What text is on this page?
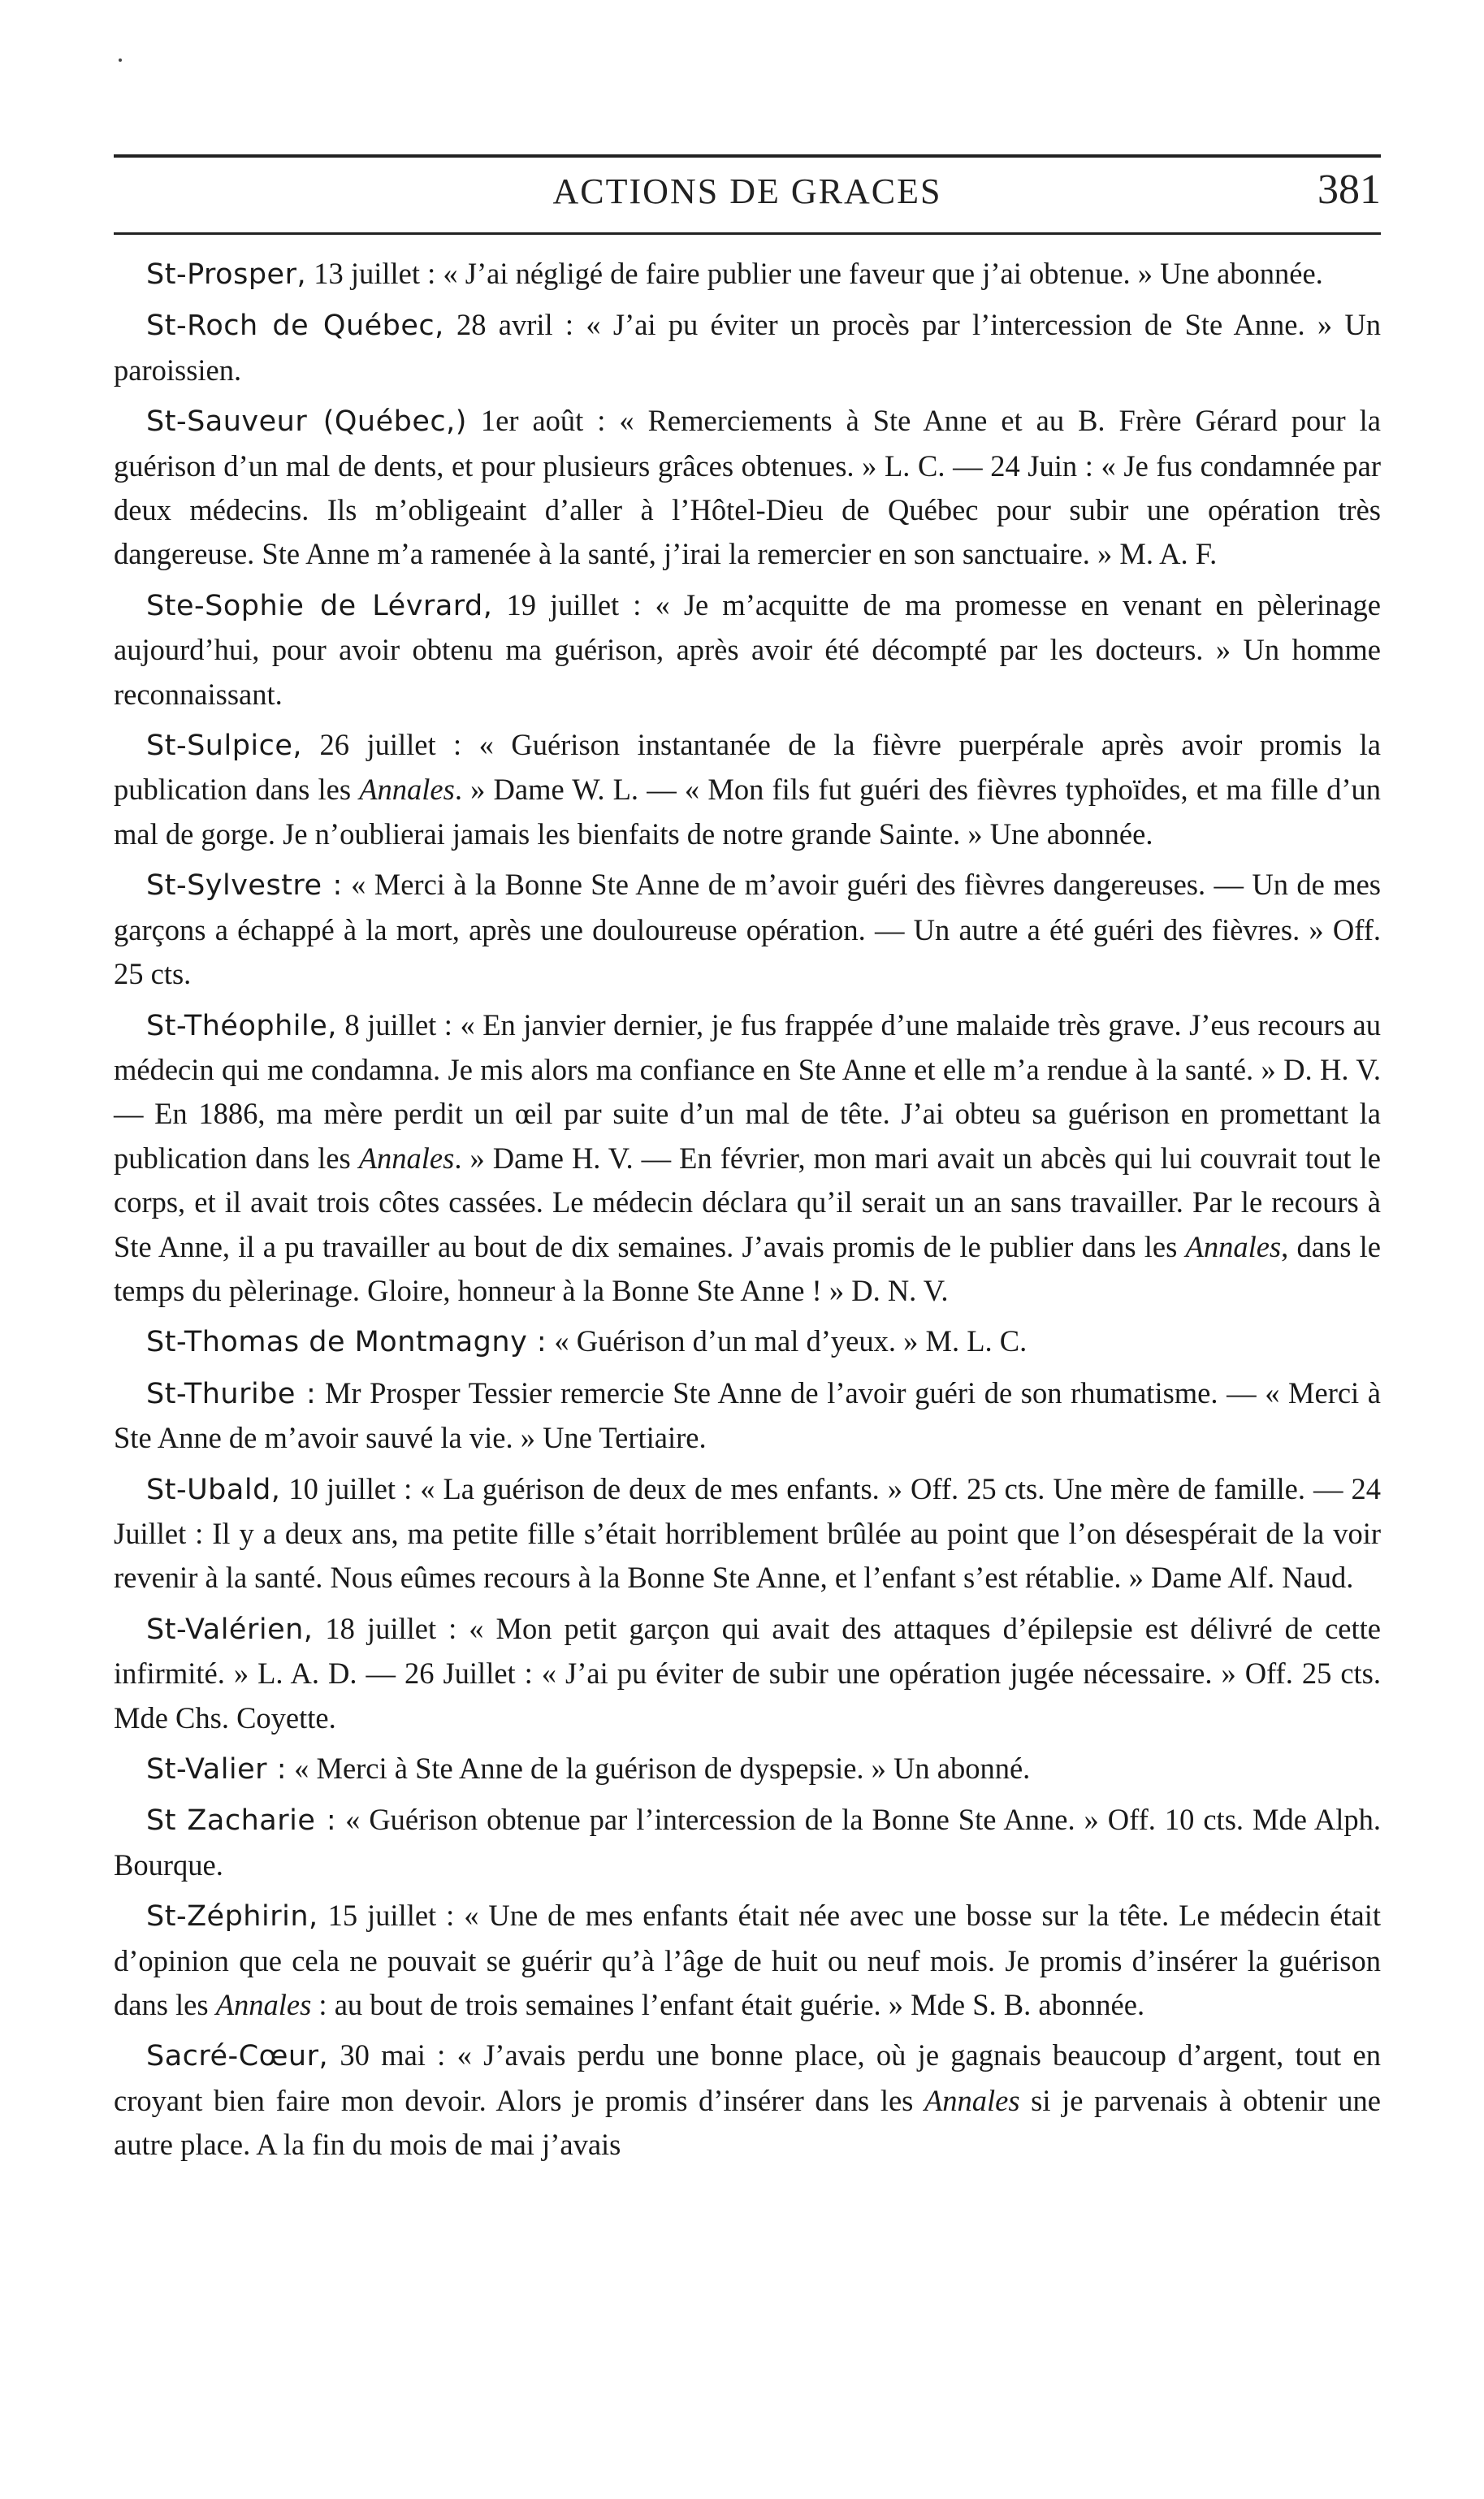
ACTIONS DE GRACES	381

St-Prosper, 13 juillet : « J’ai négligé de faire publier une faveur que j’ai obtenue. » Une abonnée.

St-Roch de Québec, 28 avril : « J’ai pu éviter un procès par l’intercession de Ste Anne. » Un paroissien.

St-Sauveur (Québec,) 1er août : « Remerciements à Ste Anne et au B. Frère Gérard pour la guérison d’un mal de dents, et pour plusieurs grâces obtenues. » L. C. — 24 Juin : « Je fus condamnée par deux médecins. Ils m’obligeaint d’aller à l’Hôtel-Dieu de Québec pour subir une opération très dangereuse. Ste Anne m’a ramenée à la santé, j’irai la remercier en son sanctuaire. » M. A. F.

Ste-Sophie de Lévrard, 19 juillet : « Je m’acquitte de ma promesse en venant en pèlerinage aujourd’hui, pour avoir obtenu ma guérison, après avoir été décompté par les docteurs. » Un homme reconnaissant.

St-Sulpice, 26 juillet : « Guérison instantanée de la fièvre puerpérale après avoir promis la publication dans les Annales. » Dame W. L. — « Mon fils fut guéri des fièvres typhoïdes, et ma fille d’un mal de gorge. Je n’oublierai jamais les bienfaits de notre grande Sainte. » Une abonnée.

St-Sylvestre : « Merci à la Bonne Ste Anne de m’avoir guéri des fièvres dangereuses. — Un de mes garçons a échappé à la mort, après une douloureuse opération. — Un autre a été guéri des fièvres. » Off. 25 cts.

St-Théophile, 8 juillet : « En janvier dernier, je fus frappée d’une malaide très grave. J’eus recours au médecin qui me condamna. Je mis alors ma confiance en Ste Anne et elle m’a rendue à la santé. » D. H. V. — En 1886, ma mère perdit un œil par suite d’un mal de tête. J’ai obteu sa guérison en promettant la publication dans les Annales. » Dame H. V. — En février, mon mari avait un abcès qui lui couvrait tout le corps, et il avait trois côtes cassées. Le médecin déclara qu’il serait un an sans travailler. Par le recours à Ste Anne, il a pu travailler au bout de dix semaines. J’avais promis de le publier dans les Annales, dans le temps du pèlerinage. Gloire, honneur à la Bonne Ste Anne ! » D. N. V.

St-Thomas de Montmagny : « Guérison d’un mal d’yeux. » M. L. C.

St-Thuribe : Mr Prosper Tessier remercie Ste Anne de l’avoir guéri de son rhumatisme. — « Merci à Ste Anne de m’avoir sauvé la vie. » Une Tertiaire.

St-Ubald, 10 juillet : « La guérison de deux de mes enfants. » Off. 25 cts. Une mère de famille. — 24 Juillet : Il y a deux ans, ma petite fille s’était horriblement brûlée au point que l’on désespérait de la voir revenir à la santé. Nous eûmes recours à la Bonne Ste Anne, et l’enfant s’est rétablie. » Dame Alf. Naud.

St-Valérien, 18 juillet : « Mon petit garçon qui avait des attaques d’épilepsie est délivré de cette infirmité. » L. A. D. — 26 Juillet : « J’ai pu éviter de subir une opération jugée nécessaire. » Off. 25 cts. Mde Chs. Coyette.

St-Valier : « Merci à Ste Anne de la guérison de dyspepsie. » Un abonné.

St Zacharie : « Guérison obtenue par l’intercession de la Bonne Ste Anne. » Off. 10 cts. Mde Alph. Bourque.

St-Zéphirin, 15 juillet : « Une de mes enfants était née avec une bosse sur la tête. Le médecin était d’opinion que cela ne pouvait se guérir qu’à l’âge de huit ou neuf mois. Je promis d’insérer la guérison dans les Annales : au bout de trois semaines l’enfant était guérie. » Mde S. B. abonnée.

Sacré-Cœur, 30 mai : « J’avais perdu une bonne place, où je gagnais beaucoup d’argent, tout en croyant bien faire mon devoir. Alors je promis d’insérer dans les Annales si je parvenais à obtenir une autre place. A la fin du mois de mai j’avais
